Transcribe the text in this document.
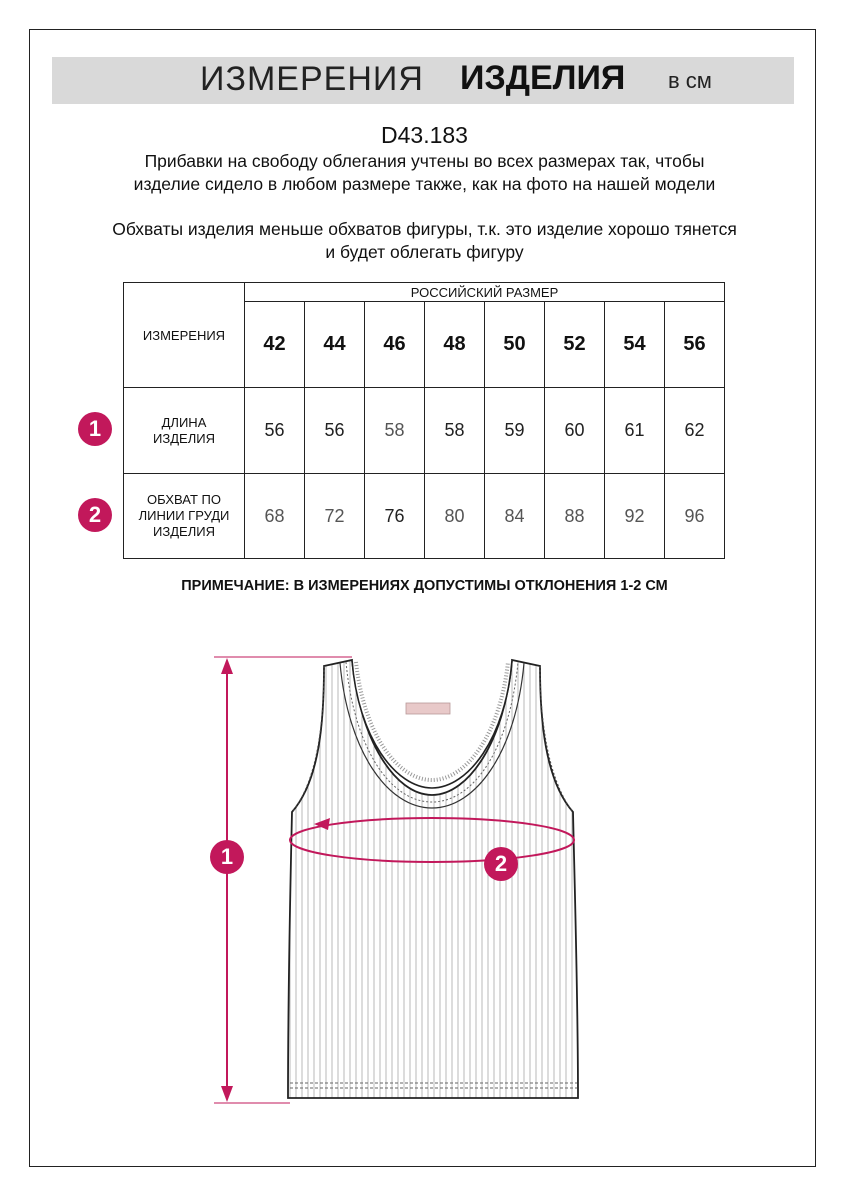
ИЗМЕРЕНИЯ ИЗДЕЛИЯ в см
D43.183
Прибавки на свободу облегания учтены во всех размерах так, чтобы изделие сидело в любом размере также, как на фото на нашей модели
Обхваты изделия меньше обхватов фигуры, т.к. это изделие хорошо тянется и будет облегать фигуру
ИЗМЕРЕНИЯ	РОССИЙСКИЙ РАЗМЕР							
	42	44	46	48	50	52	54	56
ДЛИНА
ИЗДЕЛИЯ	56	56	58	58	59	60	61	62
ОБХВАТ ПО
ЛИНИИ ГРУДИ
ИЗДЕЛИЯ	68	72	76	80	84	88	92	96
1
2
ПРИМЕЧАНИЕ: В ИЗМЕРЕНИЯХ ДОПУСТИМЫ ОТКЛОНЕНИЯ 1-2 СМ
1	2
